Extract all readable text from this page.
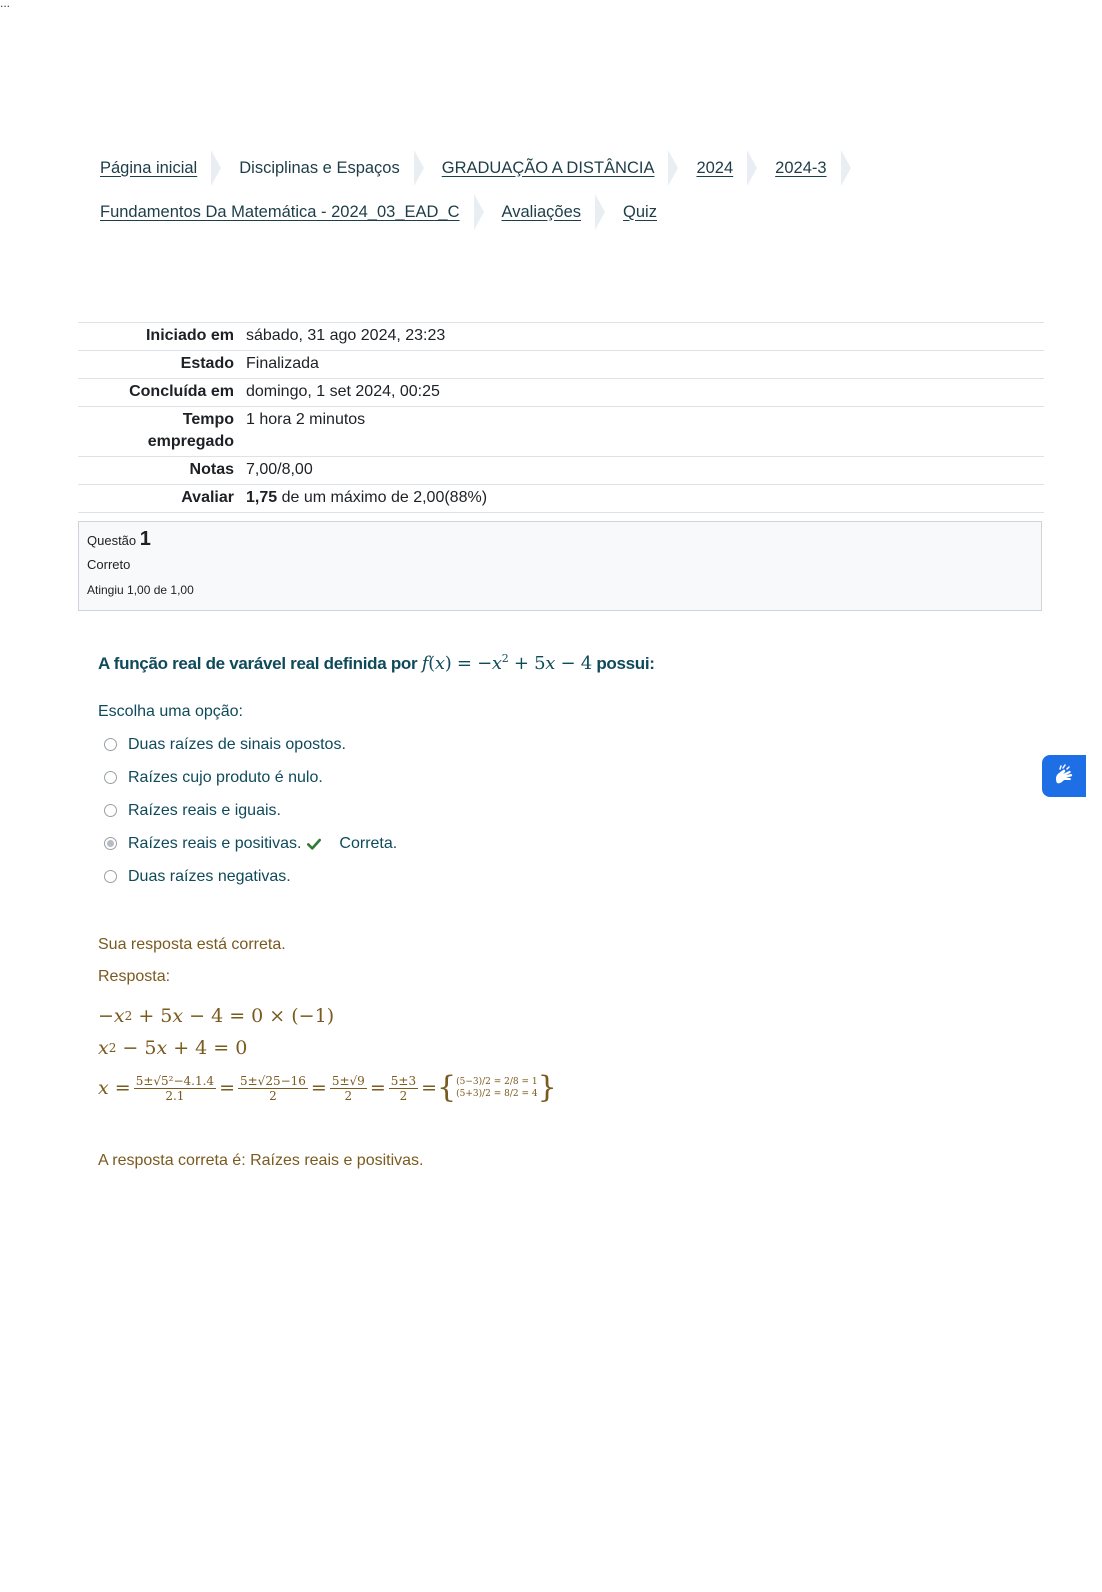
...
Página inicial	Disciplinas e Espaços	GRADUAÇÃO A DISTÂNCIA	2024	2024-3
Fundamentos Da Matemática - 2024_03_EAD_C	Avaliações	Quiz
Iniciado em	sábado, 31 ago 2024, 23:23
Estado	Finalizada
Concluída em	domingo, 1 set 2024, 00:25
Tempo
empregado	1 hora 2 minutos
Notas	7,00/8,00
Avaliar	1,75 de um máximo de 2,00(88%)
Questão 1
Correto
Atingiu 1,00 de 1,00
A função real de varável real definida por $f(x) = -x^2 + 5x - 4$ possui:
Escolha uma opção:
Duas raízes de sinais opostos.
Raízes cujo produto é nulo.
Raízes reais e iguais.
Raízes reais e positivas. Correta.
Duas raízes negativas.
Sua resposta está correta.
Resposta:
− x 2 + 5 x − 4 = 0 × (−1)
x 2 − 5 x + 4 = 0
$x = \frac{\text{5±√5²−4.1.4}}{2.1} = \frac{5\pm√25-16}{2} = \frac{5\pm√9}{2} = \frac{5\pm 3}{2}$ = { (5−3)/2 = 2/8 = 1
(5+3)/2 = 8/2 = 4 }
A resposta correta é: Raízes reais e positivas.
